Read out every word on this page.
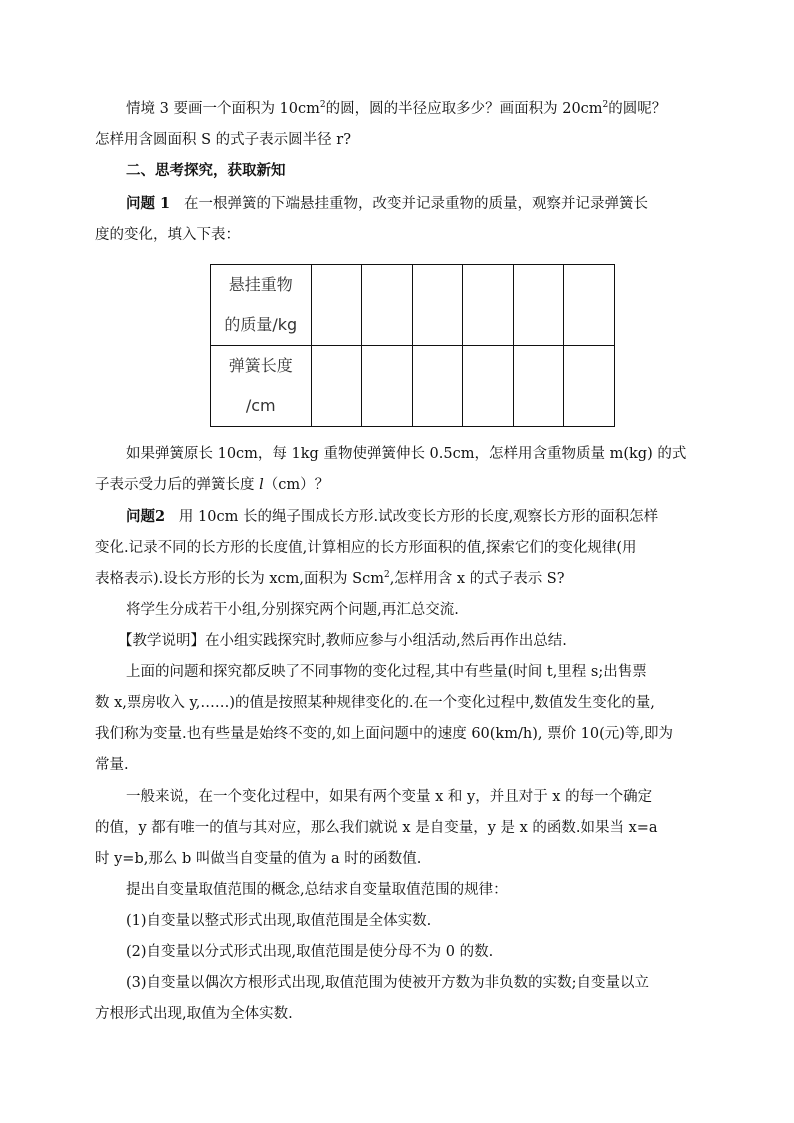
情境 3 要画一个面积为 $10cm^2$的圆，圆的半径应取多少？画面积为 $20cm^2$的圆呢？
怎样用含圆面积 S 的式子表示圆半径 r?
二、思考探究，获取新知
问题 1 在一根弹簧的下端悬挂重物，改变并记录重物的质量，观察并记录弹簧长
度的变化，填入下表：
悬挂重物
的质量/kg						

弹簧长度
/cm						

如果弹簧原长 10cm，每 1kg 重物使弹簧伸长 0.5cm，怎样用含重物质量 m(kg) 的式
子表示受力后的弹簧长度 l（cm）？
问题2 用 10cm 长的绳子围成长方形.试改变长方形的长度,观察长方形的面积怎样
变化.记录不同的长方形的长度值,计算相应的长方形面积的值,探索它们的变化规律(用
表格表示).设长方形的长为 xcm,面积为 Scm$^2$,怎样用含 x 的式子表示 S?
将学生分成若干小组,分别探究两个问题,再汇总交流.
【教学说明】在小组实践探究时,教师应参与小组活动,然后再作出总结.
上面的问题和探究都反映了不同事物的变化过程,其中有些量(时间 t,里程 s;出售票
数 x,票房收入 y,……)的值是按照某种规律变化的.在一个变化过程中,数值发生变化的量,
我们称为变量.也有些量是始终不变的,如上面问题中的速度 60(km/h), 票价 10(元)等,即为
常量.
一般来说，在一个变化过程中，如果有两个变量 x 和 y，并且对于 x 的每一个确定
的值，y 都有唯一的值与其对应，那么我们就说 x 是自变量，y 是 x 的函数.如果当 x=a
时 y=b,那么 b 叫做当自变量的值为 a 时的函数值.
提出自变量取值范围的概念,总结求自变量取值范围的规律：
(1)自变量以整式形式出现,取值范围是全体实数.
(2)自变量以分式形式出现,取值范围是使分母不为 0 的数.
(3)自变量以偶次方根形式出现,取值范围为使被开方数为非负数的实数;自变量以立
方根形式出现,取值为全体实数.
